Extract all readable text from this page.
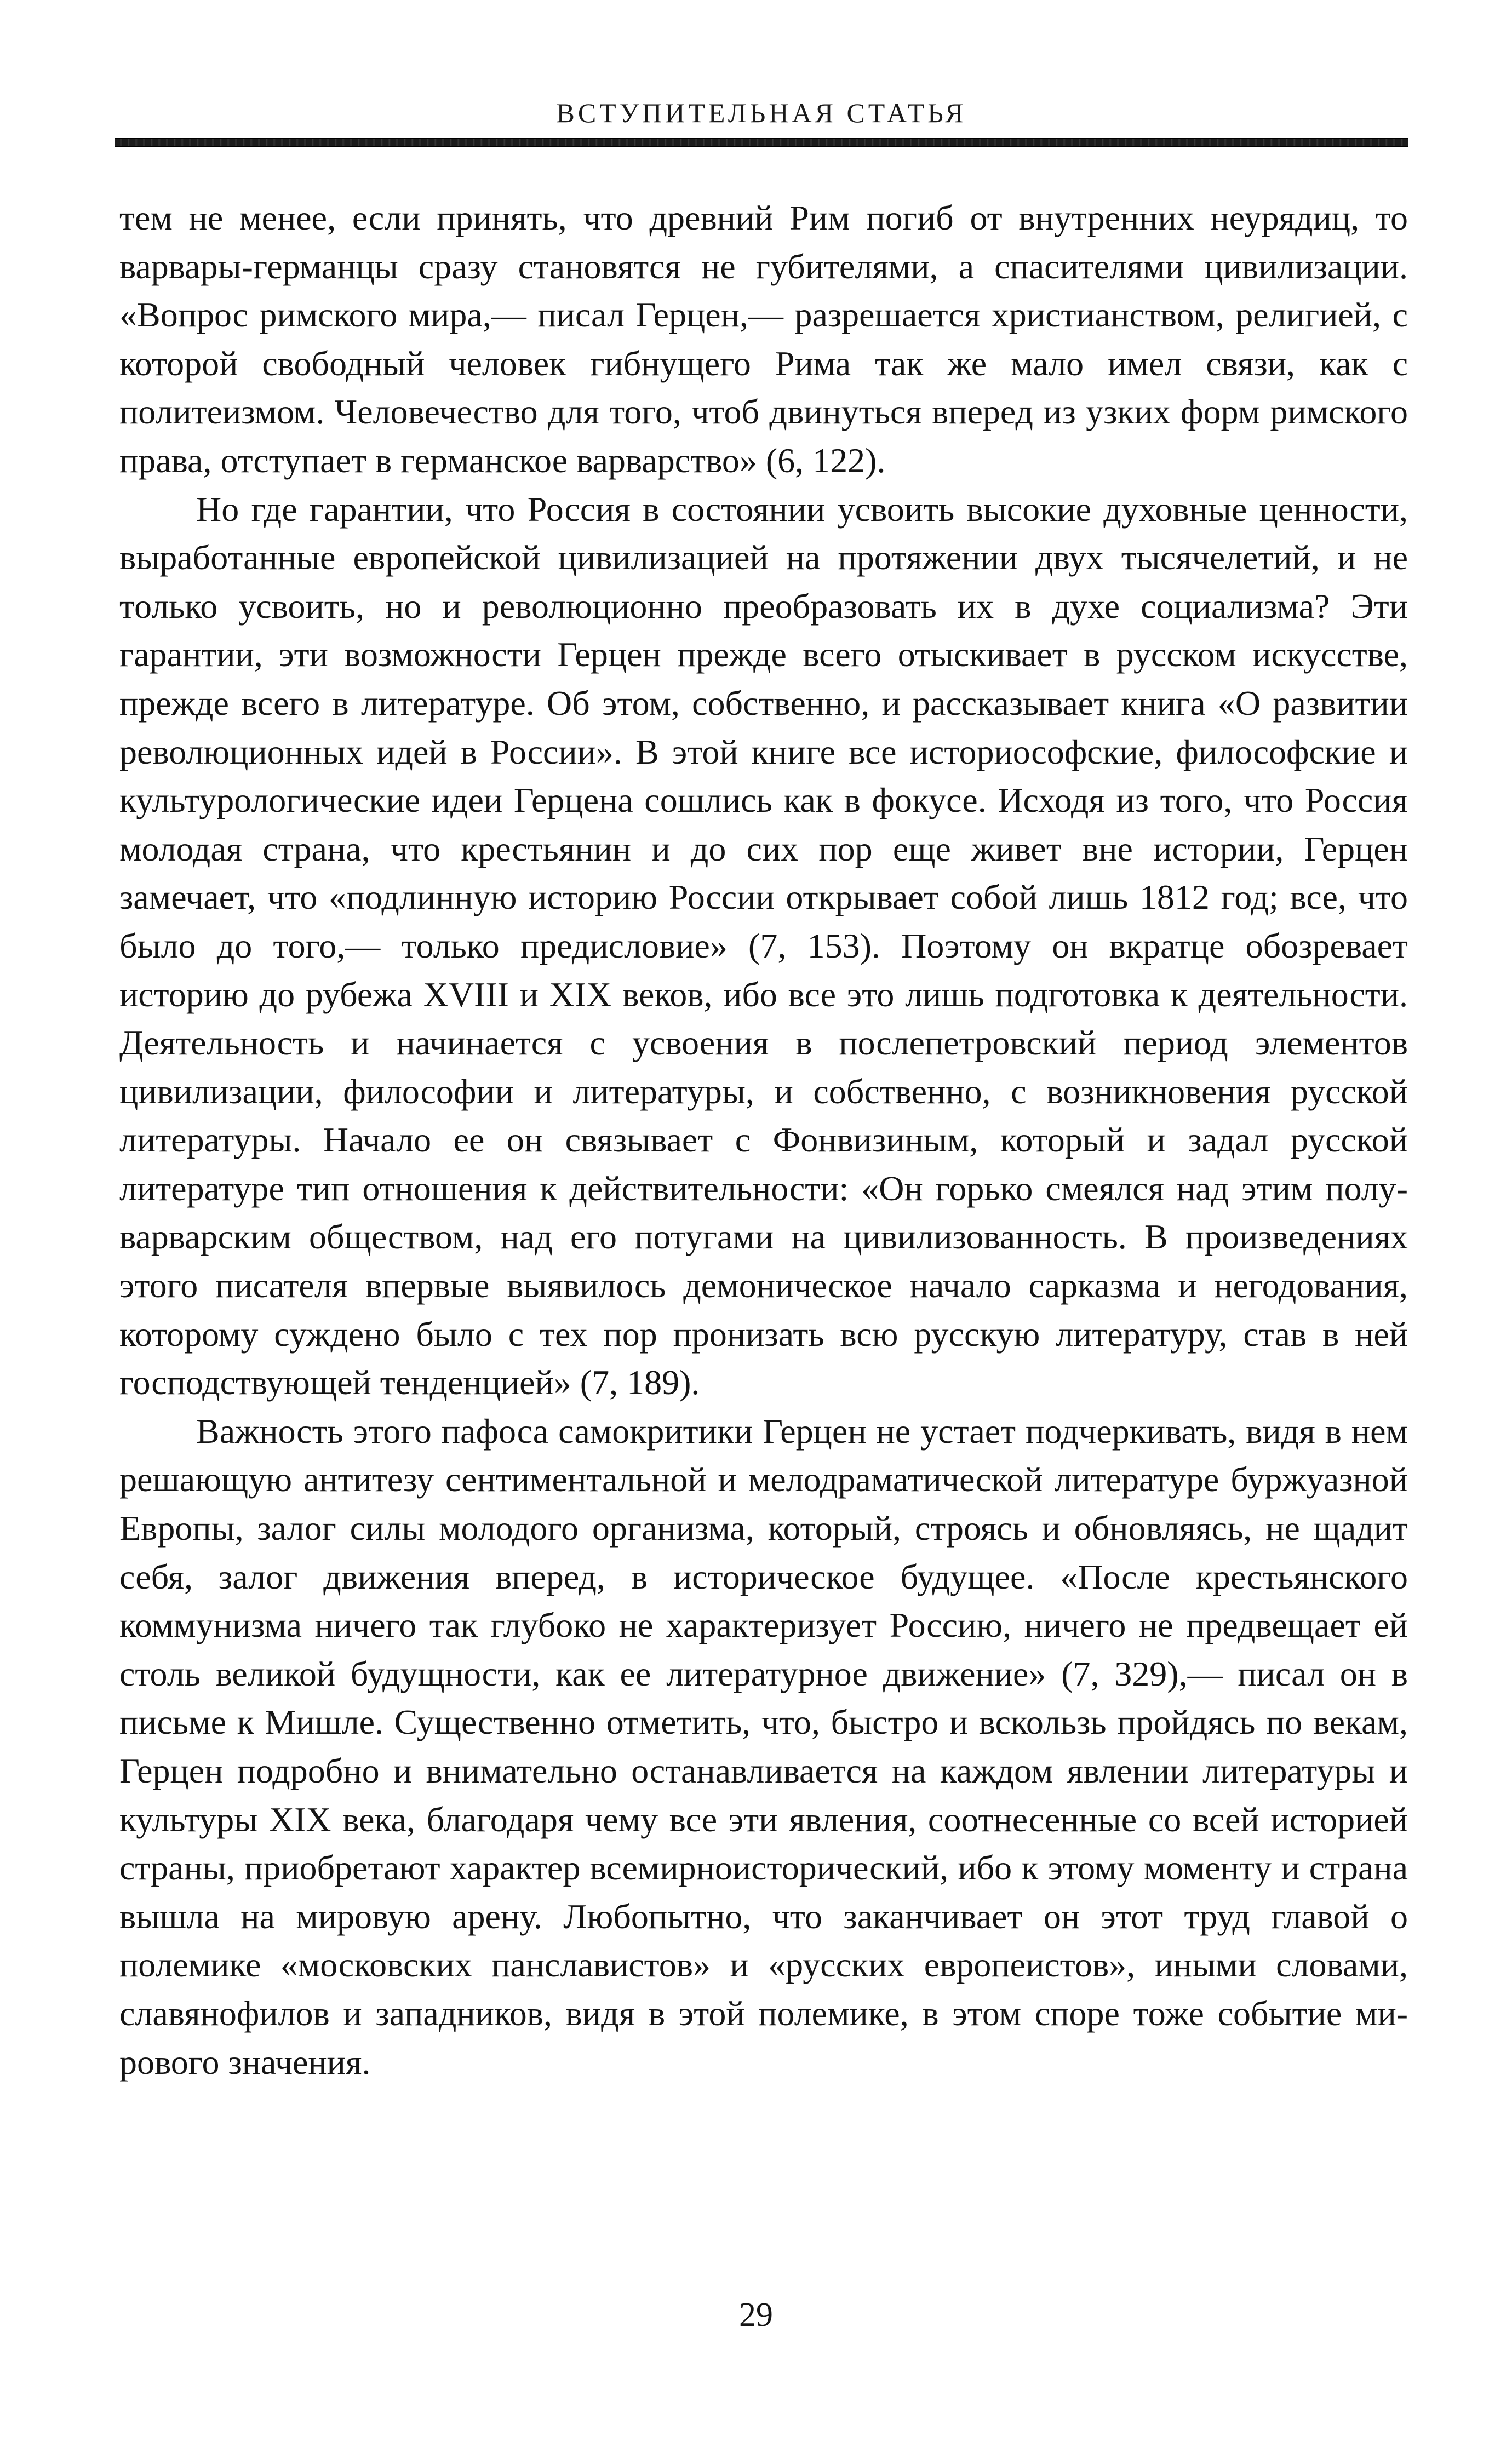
ВСТУПИТЕЛЬНАЯ СТАТЬЯ

тем не менее, если принять, что древний Рим погиб от внутренних неурядиц, то варвары-германцы сразу становятся не губителями, а спасителями цивилизации. «Вопрос римского мира,— писал Герцен,— разрешается христианством, религией, с которой свободный человек гибнущего Рима так же мало имел связи, как с политеизмом. Человечество для того, чтоб двинуться вперед из узких форм римского права, отступает в германское варварство» (6, 122).

Но где гарантии, что Россия в состоянии усвоить высокие духовные ценности, выработанные европейской цивилизацией на протяжении двух тысячелетий, и не только усвоить, но и революционно преобразовать их в духе социализма? Эти гарантии, эти возможности Герцен прежде всего отыскивает в русском искусстве, прежде всего в литературе. Об этом, собственно, и рассказывает книга «О развитии революционных идей в России». В этой книге все историософские, философские и культурологические идеи Герцена сошлись как в фокусе. Исходя из того, что Россия молодая страна, что крестьянин и до сих пор еще живет вне истории, Герцен замечает, что «подлинную историю России открывает собой лишь 1812 год; все, что было до того,— только предисловие» (7, 153). Поэтому он вкратце обозревает историю до рубежа XVIII и XIX веков, ибо все это лишь подготовка к деятельности. Деятельность и начинается с усвоения в послепетровский период элементов цивилизации, философии и литературы, и собственно, с возникновения русской литературы. Начало ее он связывает с Фонвизиным, который и задал русской литературе тип отношения к действительности: «Он горько смеялся над этим полуварварским обществом, над его потугами на цивилизованность. В произведениях этого писателя впервые выявилось демоническое начало сарказма и негодования, которому суждено было с тех пор пронизать всю русскую литературу, став в ней господствующей тенденцией» (7, 189).

Важность этого пафоса самокритики Герцен не устает подчеркивать, видя в нем решающую антитезу сентиментальной и мелодраматической литературе буржуазной Европы, залог силы молодого организма, который, строясь и обновляясь, не щадит себя, залог движения вперед, в историческое будущее. «После крестьянского коммунизма ничего так глубоко не характеризует Россию, ничего не предвещает ей столь великой будущности, как ее литературное движение» (7, 329),— писал он в письме к Мишле. Существенно отметить, что, быстро и вскользь пройдясь по векам, Герцен подробно и внимательно останавливается на каждом явлении литературы и культуры XIX века, благодаря чему все эти явления, соотнесенные со всей историей страны, приобретают характер всемирноисторический, ибо к этому моменту и страна вышла на мировую арену. Любопытно, что заканчивает он этот труд главой о полемике «московских панславистов» и «русских европеистов», иными словами, славянофилов и западников, видя в этой полемике, в этом споре тоже событие мирового значения.

29
